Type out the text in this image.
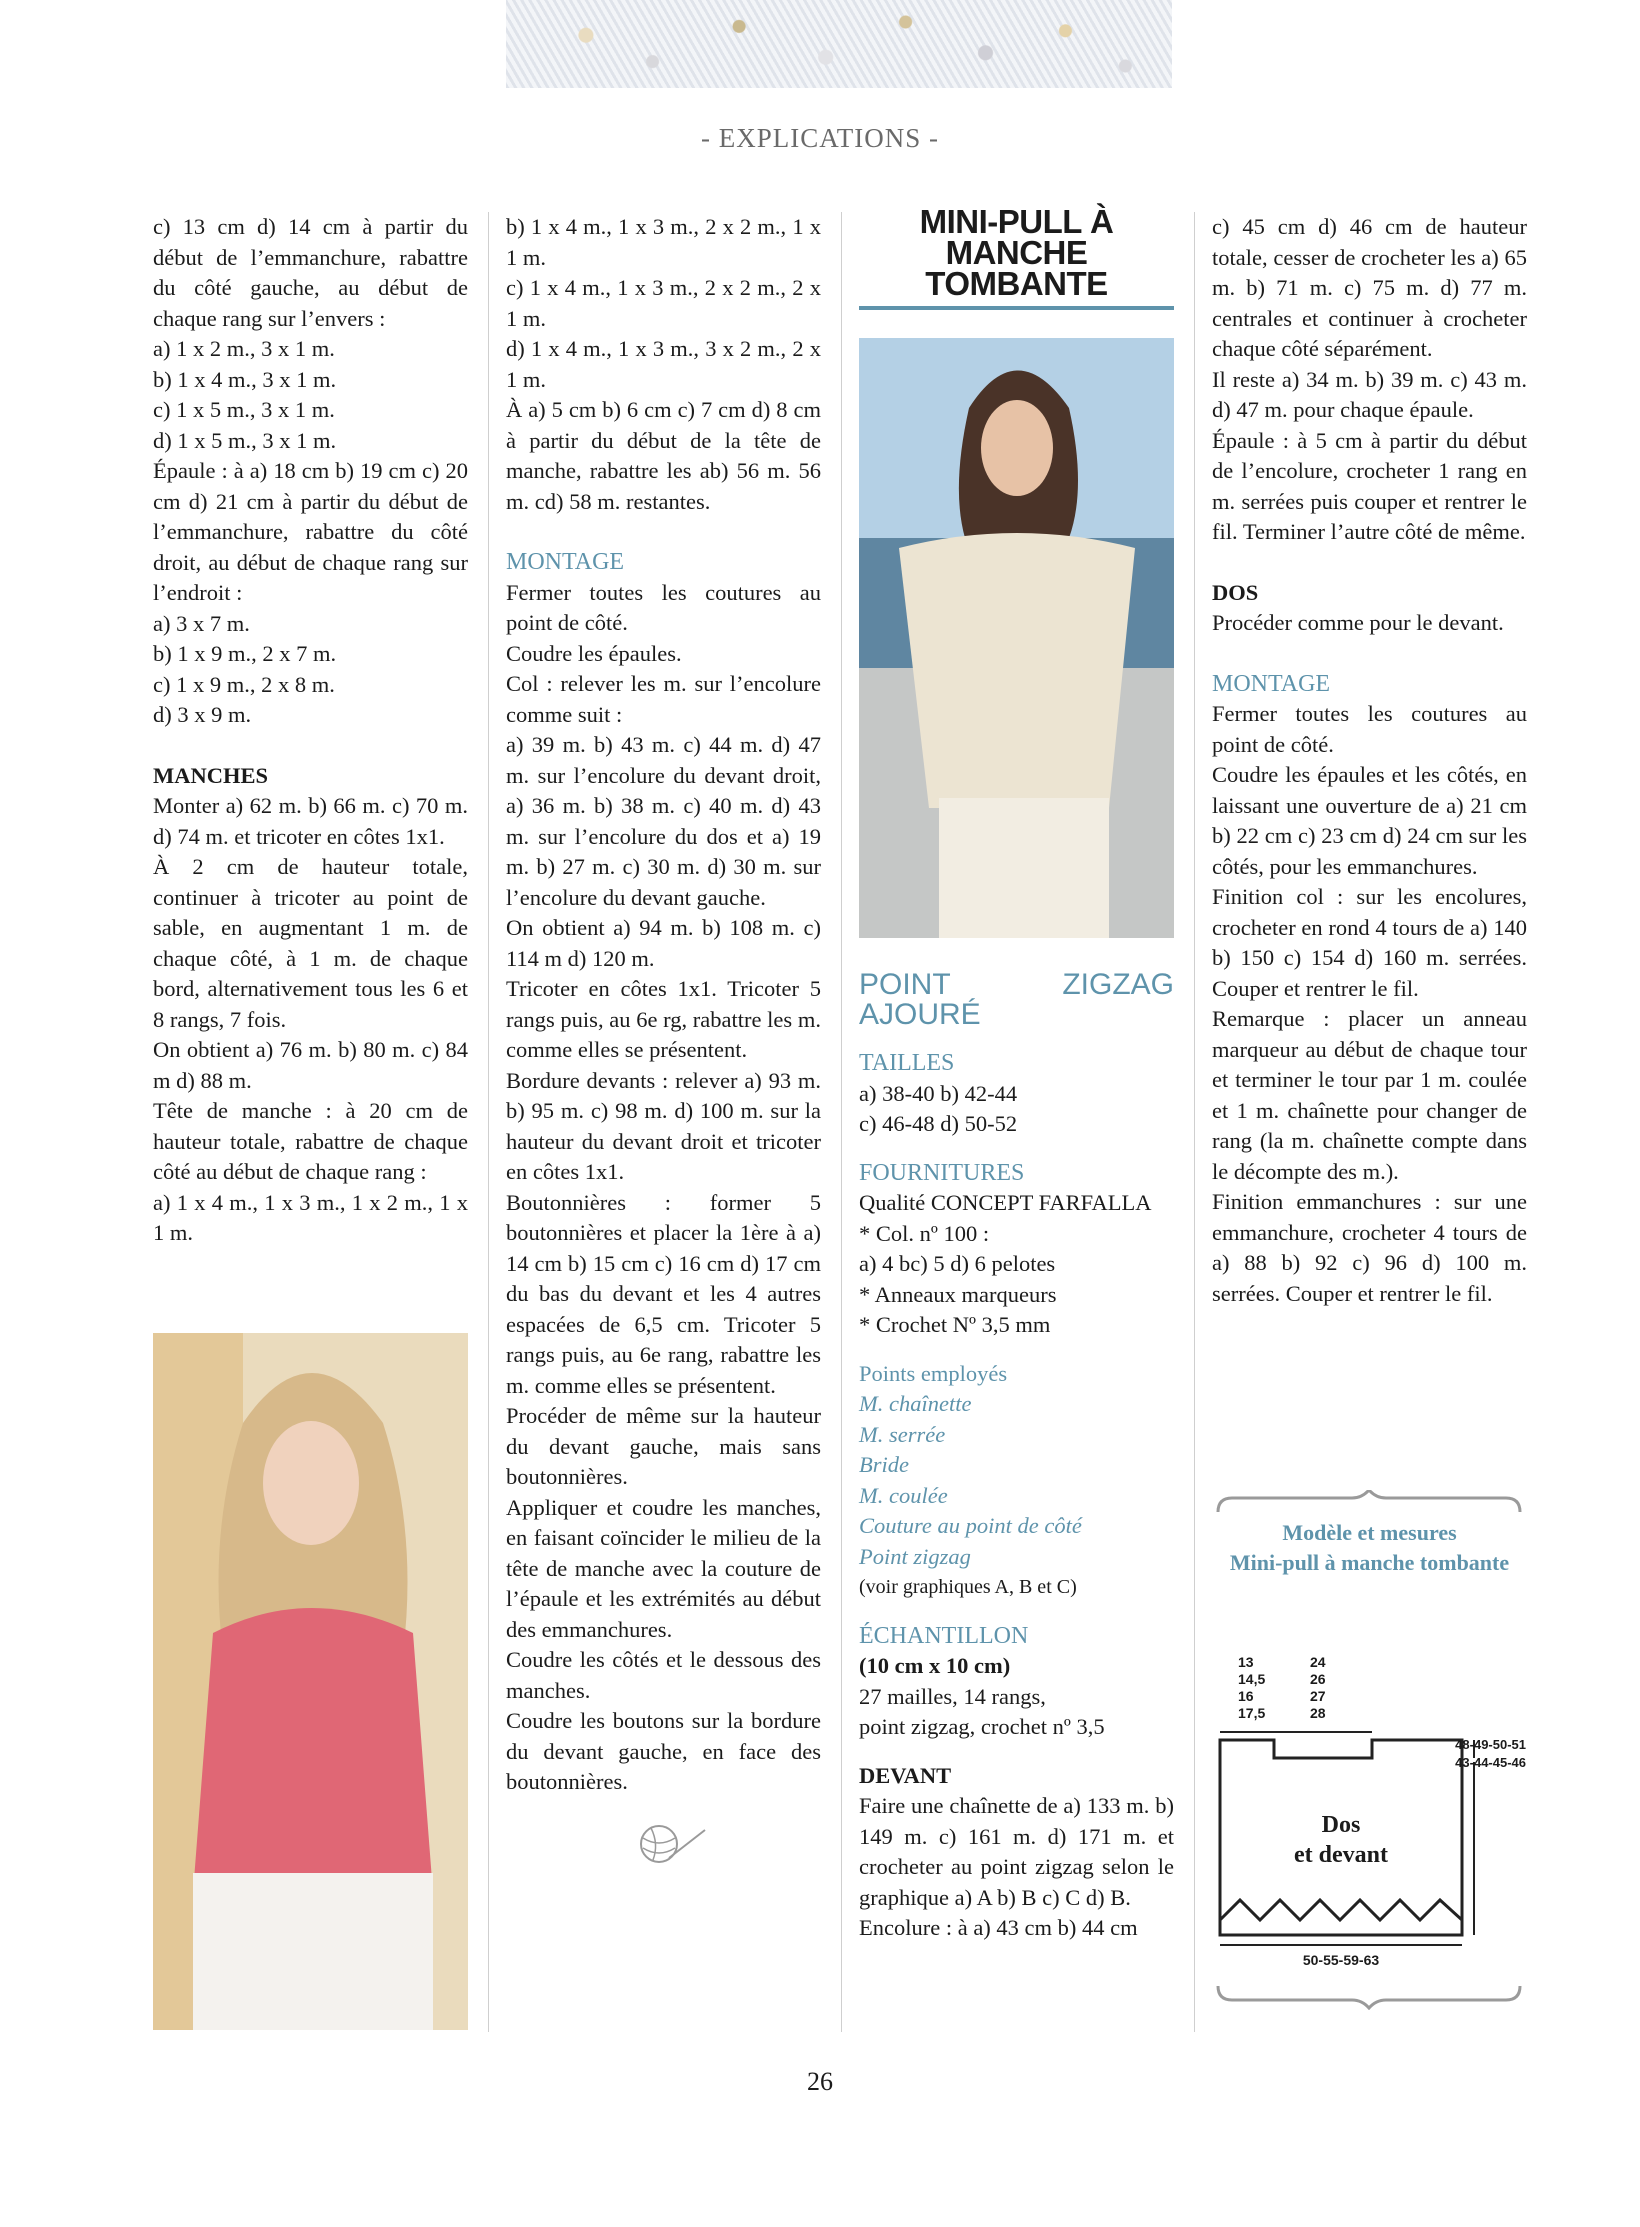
- EXPLICATIONS -

c) 13 cm d) 14 cm à partir du début de l’emmanchure, rabattre du côté gauche, au début de chaque rang sur l’envers :

a) 1 x 2 m., 3 x 1 m.

b) 1 x 4 m., 3 x 1 m.

c) 1 x 5 m., 3 x 1 m.

d) 1 x 5 m., 3 x 1 m.

Épaule : à a) 18 cm b) 19 cm c) 20 cm d) 21 cm à partir du début de l’emmanchure, rabattre du côté droit, au début de chaque rang sur l’endroit :

a) 3 x 7 m.

b) 1 x 9 m., 2 x 7 m.

c) 1 x 9 m., 2 x 8 m.

d) 3 x 9 m.

MANCHES

Monter a) 62 m. b) 66 m. c) 70 m. d) 74 m. et tricoter en côtes 1x1.

À 2 cm de hauteur totale, continuer à tricoter au point de sable, en augmentant 1 m. de chaque côté, à 1 m. de chaque bord, alternativement tous les 6 et 8 rangs, 7 fois.

On obtient a) 76 m. b) 80 m. c) 84 m d) 88 m.

Tête de manche : à 20 cm de hauteur totale, rabattre de chaque côté au début de chaque rang :

a) 1 x 4 m., 1 x 3 m., 1 x 2 m., 1 x 1 m.

b) 1 x 4 m., 1 x 3 m., 2 x 2 m., 1 x 1 m.

c) 1 x 4 m., 1 x 3 m., 2 x 2 m., 2 x 1 m.

d) 1 x 4 m., 1 x 3 m., 3 x 2 m., 2 x 1 m.

À a) 5 cm b) 6 cm c) 7 cm d) 8 cm à partir du début de la tête de manche, rabattre les ab) 56 m. 56 m. cd) 58 m. restantes.

MONTAGE

Fermer toutes les coutures au point de côté.

Coudre les épaules.

Col : relever les m. sur l’encolure comme suit :

a) 39 m. b) 43 m. c) 44 m. d) 47 m. sur l’encolure du devant droit, a) 36 m. b) 38 m. c) 40 m. d) 43 m. sur l’encolure du dos et a) 19 m. b) 27 m. c) 30 m. d) 30 m. sur l’encolure du devant gauche.

On obtient a) 94 m. b) 108 m. c) 114 m d) 120 m.

Tricoter en côtes 1x1. Tricoter 5 rangs puis, au 6e rg, rabattre les m. comme elles se présentent.

Bordure devants : relever a) 93 m. b) 95 m. c) 98 m. d) 100 m. sur la hauteur du devant droit et tricoter en côtes 1x1.

Boutonnières : former 5 boutonnières et placer la 1ère à a) 14 cm b) 15 cm c) 16 cm d) 17 cm du bas du devant et les 4 autres espacées de 6,5 cm. Tricoter 5 rangs puis, au 6e rang, rabattre les m. comme elles se présentent.

Procéder de même sur la hauteur du devant gauche, mais sans boutonnières.

Appliquer et coudre les manches, en faisant coïncider le milieu de la tête de manche avec la couture de l’épaule et les extrémités au début des emmanchures.

Coudre les côtés et le dessous des manches.

Coudre les boutons sur la bordure du devant gauche, en face des boutonnières.

MINI-PULL À MANCHE TOMBANTE

POINT ZIGZAG AJOURÉ

TAILLES

a) 38-40 b) 42-44

c) 46-48 d) 50-52

FOURNITURES

Qualité CONCEPT FARFALLA

* Col. nº 100 :

a) 4 bc) 5 d) 6 pelotes

* Anneaux marqueurs

* Crochet Nº 3,5 mm

Points employés

M. chaînette

M. serrée

Bride

M. coulée

Couture au point de côté

Point zigzag

(voir graphiques A, B et C)

ÉCHANTILLON

(10 cm x 10 cm)

27 mailles, 14 rangs,

point zigzag, crochet nº 3,5

DEVANT

Faire une chaînette de a) 133 m. b) 149 m. c) 161 m. d) 171 m. et crocheter au point zigzag selon le graphique a) A b) B c) C d) B.

Encolure : à a) 43 cm b) 44 cm

c) 45 cm d) 46 cm de hauteur totale, cesser de crocheter les a) 65 m. b) 71 m. c) 75 m. d) 77 m. centrales et continuer à crocheter chaque côté séparément.

Il reste a) 34 m. b) 39 m. c) 43 m. d) 47 m. pour chaque épaule.

Épaule : à 5 cm à partir du début de l’encolure, crocheter 1 rang en m. serrées puis couper et rentrer le fil. Terminer l’autre côté de même.

DOS

Procéder comme pour le devant.

MONTAGE

Fermer toutes les coutures au point de côté.

Coudre les épaules et les côtés, en laissant une ouverture de a) 21 cm b) 22 cm c) 23 cm d) 24 cm sur les côtés, pour les emmanchures.

Finition col : sur les encolures, crocheter en rond 4 tours de a) 140 b) 150 c) 154 d) 160 m. serrées. Couper et rentrer le fil.

Remarque : placer un anneau marqueur au début de chaque tour et terminer le tour par 1 m. coulée et 1 m. chaînette pour changer de rang (la m. chaînette compte dans le décompte des m.).

Finition emmanchures : sur une emmanchure, crocheter 4 tours de a) 88 b) 92 c) 96 d) 100 m. serrées. Couper et rentrer le fil.

Modèle et mesures
Mini-pull à manche tombante
13
14,5
16
17,5
24
26
27
28
48-49-50-51
43-44-45-46
Dos
et devant
50-55-59-63
26
